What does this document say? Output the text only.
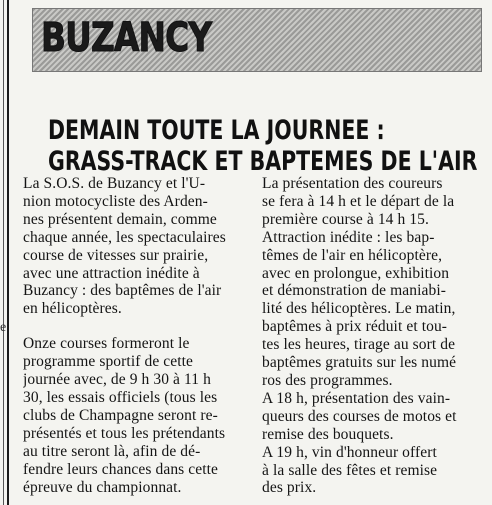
e
BUZANCY
DEMAIN TOUTE LA JOURNEE :
GRASS-TRACK ET BAPTEMES DE L'AIR

La S.O.S. de Buzancy et l'U-
nion motocycliste des Arden-
nes présentent demain, comme
chaque année, les spectaculaires
course de vitesses sur prairie,
avec une attraction inédite à
Buzancy : des baptêmes de l'air
en hélicoptères.

Onze courses formeront le
programme sportif de cette
journée avec, de 9 h 30 à 11 h
30, les essais officiels (tous les
clubs de Champagne seront re-
présentés et tous les prétendants
au titre seront là, afin de dé-
fendre leurs chances dans cette
épreuve du championnat.

La présentation des coureurs
se fera à 14 h et le départ de la
première course à 14 h 15.

Attraction inédite : les bap-
têmes de l'air en hélicoptère,
avec en prolongue, exhibition
et démonstration de maniabi-
lité des hélicoptères. Le matin,
baptêmes à prix réduit et tou-
tes les heures, tirage au sort de
baptêmes gratuits sur les numé
ros des programmes.

A 18 h, présentation des vain-
queurs des courses de motos et
remise des bouquets.

A 19 h, vin d'honneur offert
à la salle des fêtes et remise
des prix.
